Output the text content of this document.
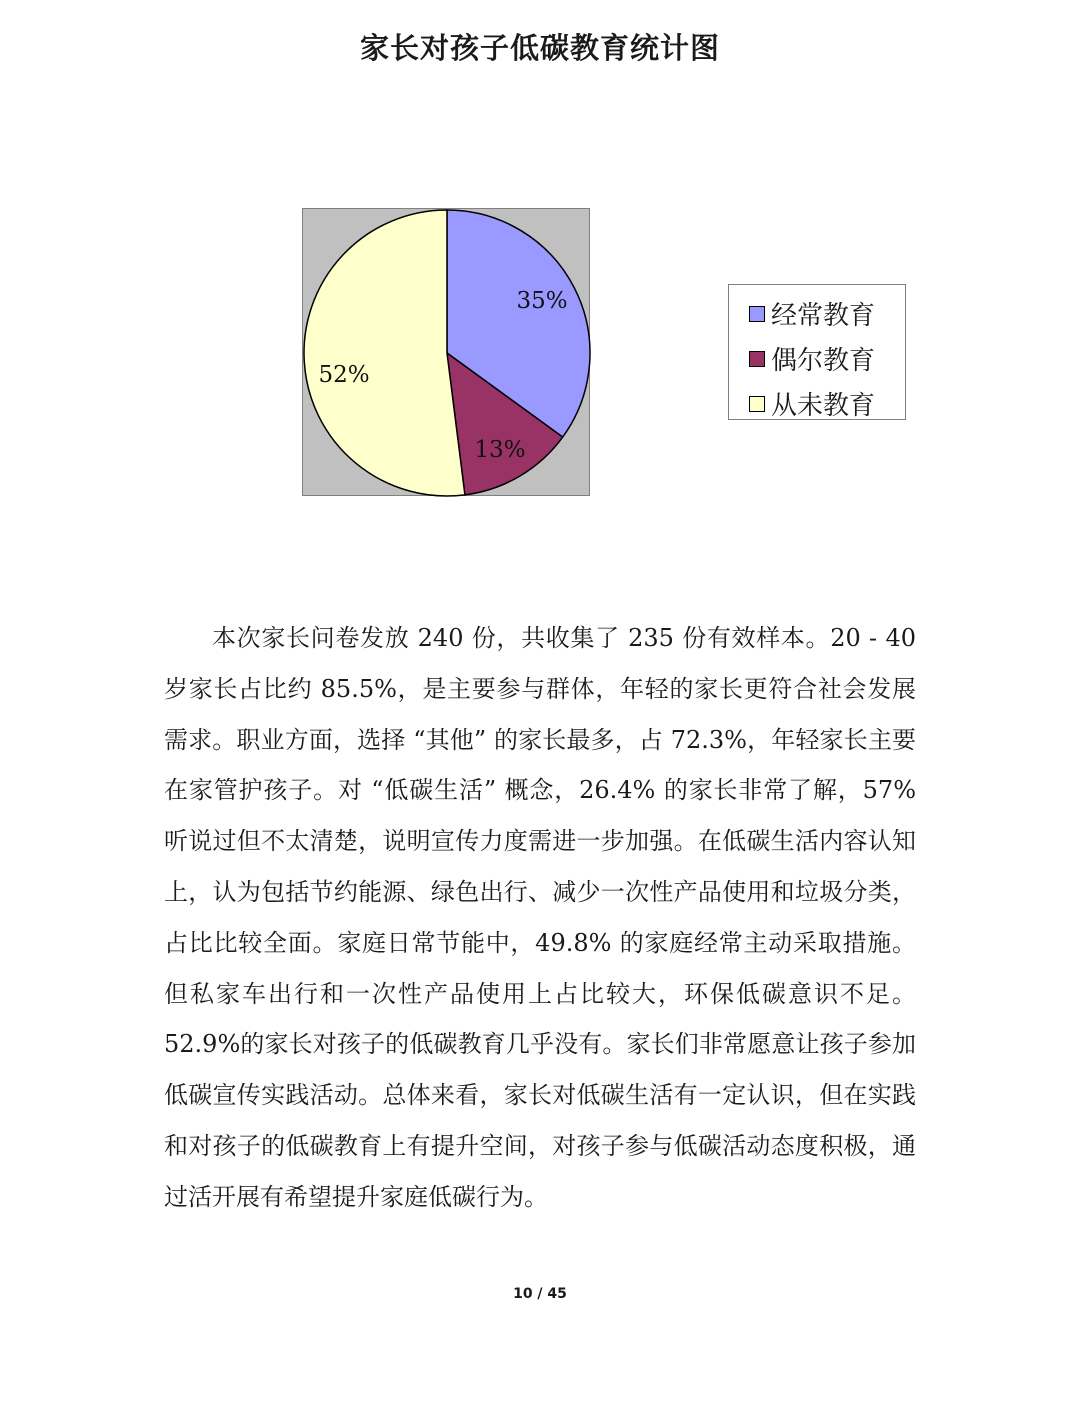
家长对孩子低碳教育统计图
35%
13%
52%
经常教育
偶尔教育
从未教育
本次家长问卷发放 240 份，共收集了 235 份有效样本。20 - 40 岁家长占比约 85.5%，是主要参与群体，年轻的家长更符合社会发展需求。职业方面，选择 “其他” 的家长最多，占 72.3%，年轻家长主要在家管护孩子。对 “低碳生活” 概念，26.4% 的家长非常了解，57% 听说过但不太清楚，说明宣传力度需进一步加强。在低碳生活内容认知上，认为包括节约能源、绿色出行、减少一次性产品使用和垃圾分类，占比比较全面。家庭日常节能中，49.8% 的家庭经常主动采取措施。但私家车出行和一次性产品使用上占比较大，环保低碳意识不足。52.9%的家长对孩子的低碳教育几乎没有。家长们非常愿意让孩子参加低碳宣传实践活动。总体来看，家长对低碳生活有一定认识，但在实践和对孩子的低碳教育上有提升空间，对孩子参与低碳活动态度积极，通过活开展有希望提升家庭低碳行为。
10 / 45
